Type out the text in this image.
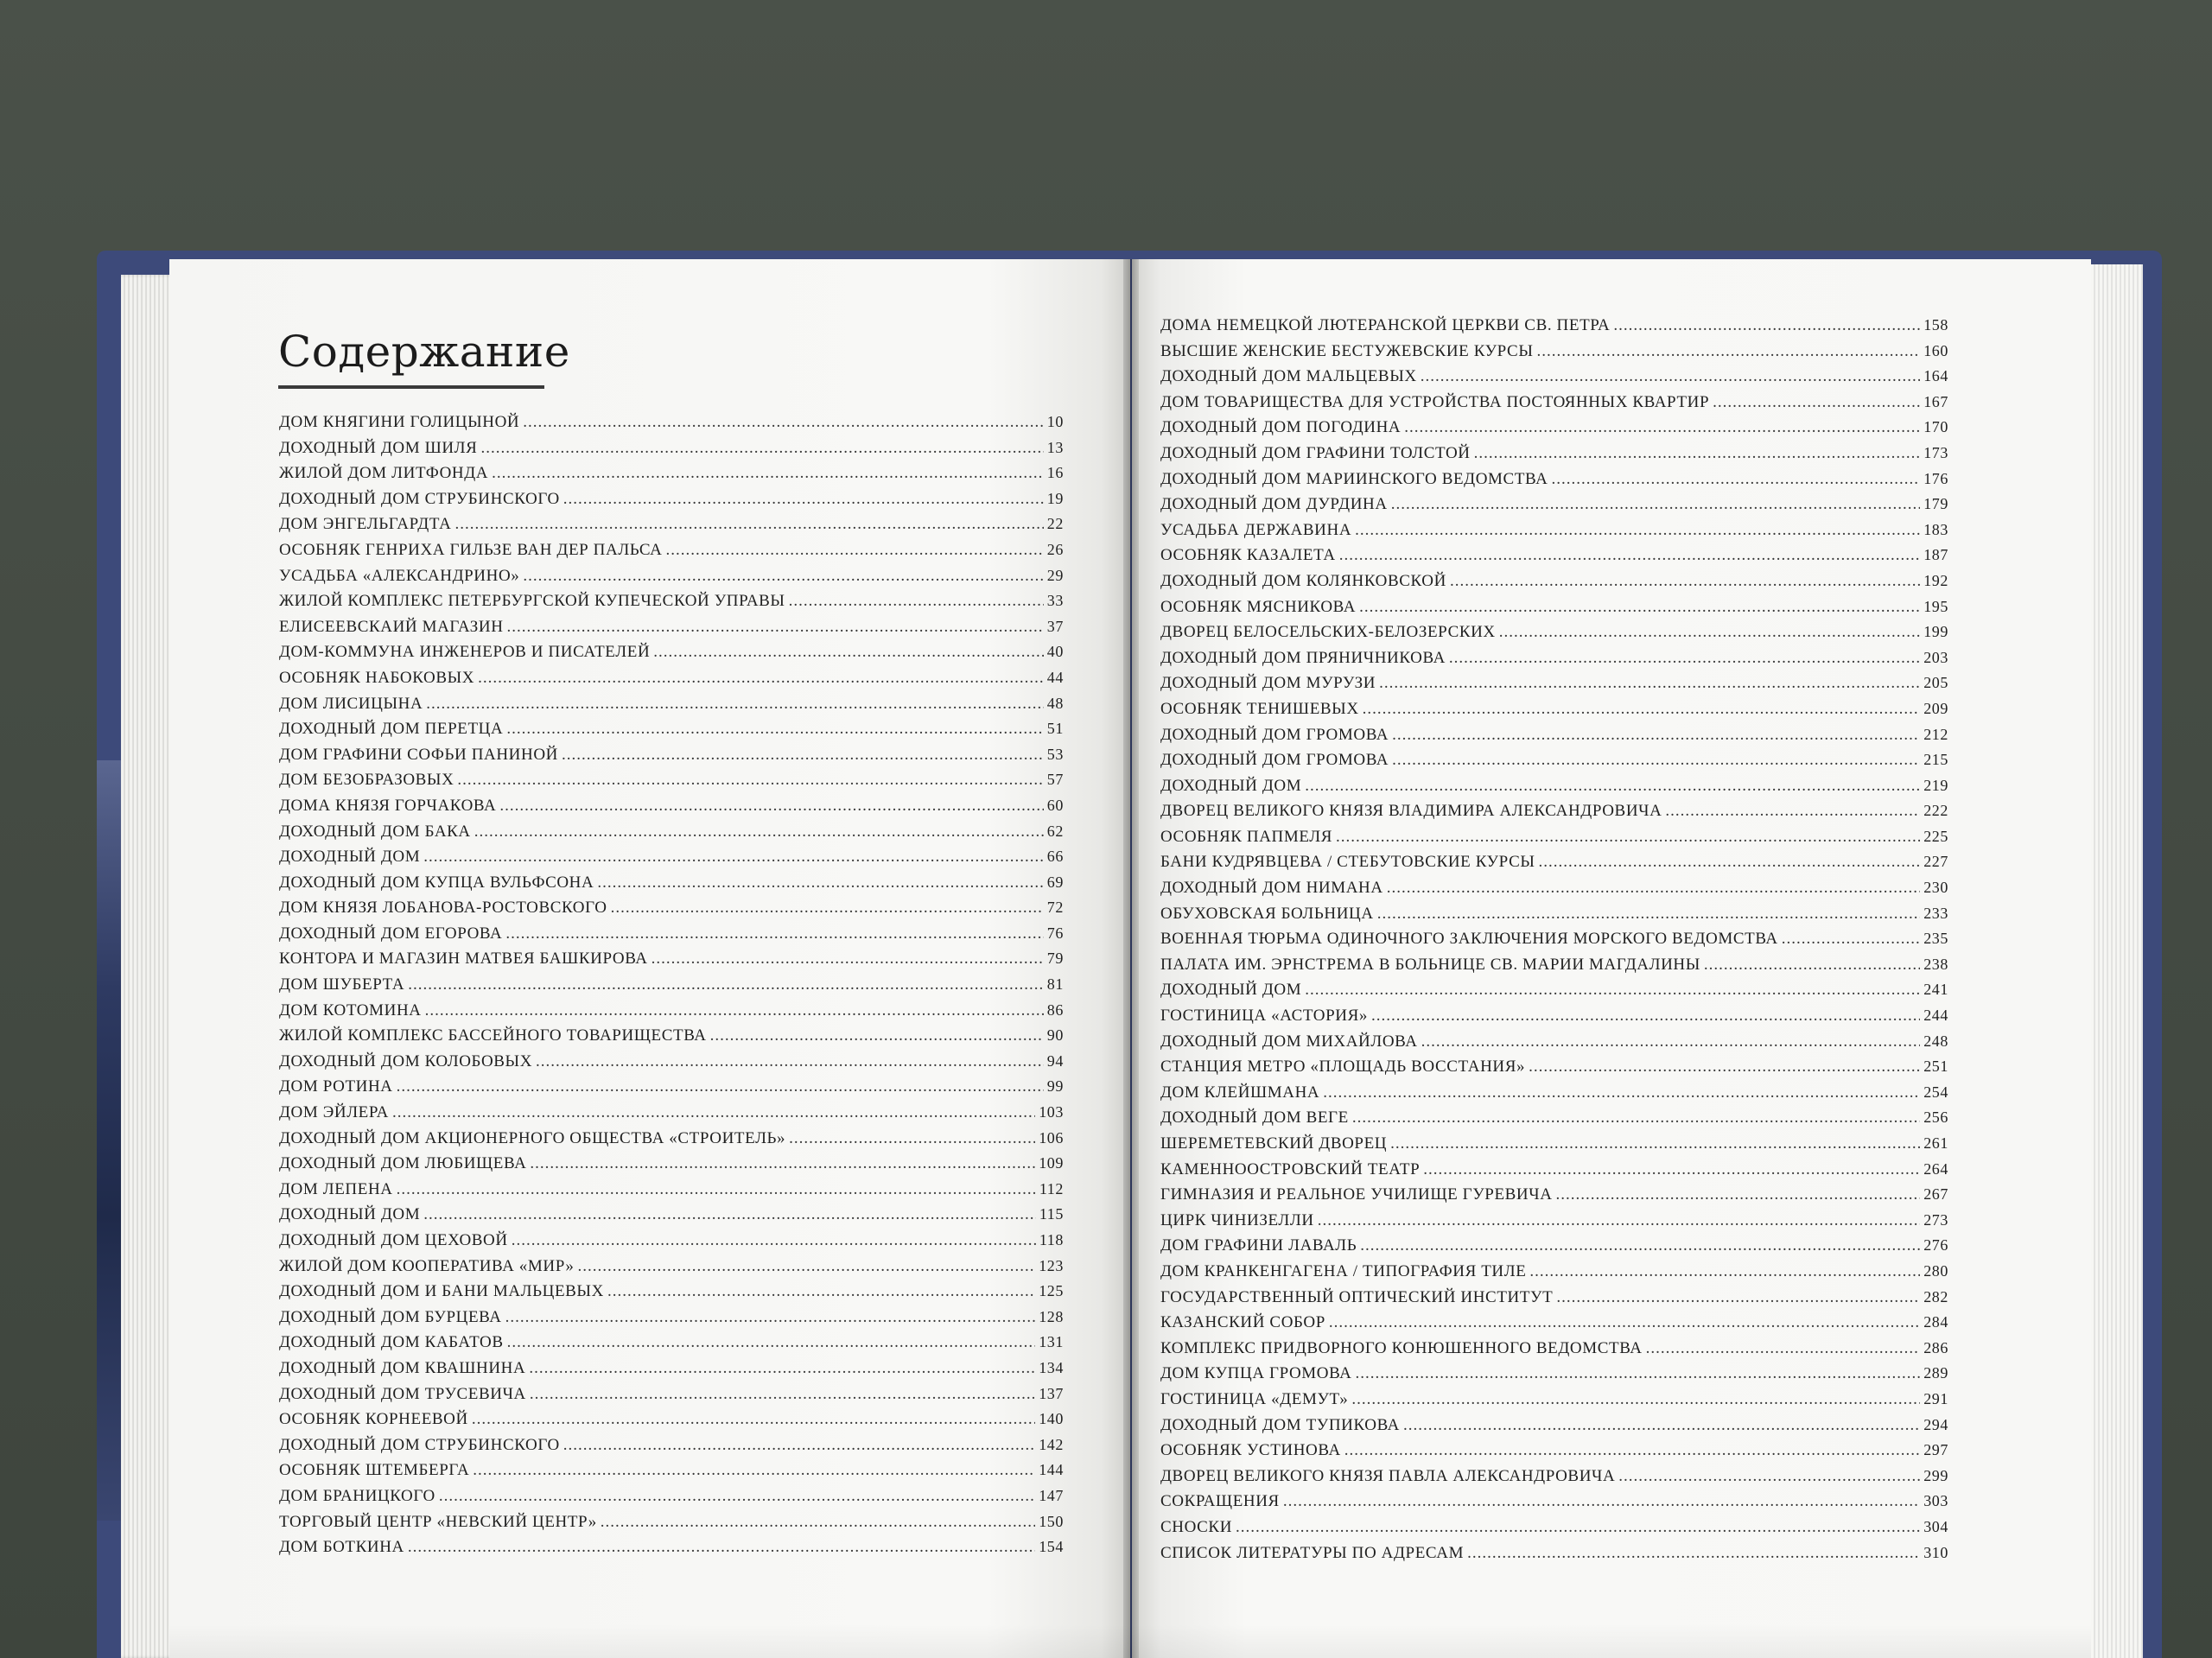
Содержание
ДОМ КНЯГИНИ ГОЛИЦЫНОЙ .....	10
ДОХОДНЫЙ ДОМ ШИЛЯ .....	13
ЖИЛОЙ ДОМ ЛИТФОНДА .....	16
ДОХОДНЫЙ ДОМ СТРУБИНСКОГО .....	19
ДОМ ЭНГЕЛЬГАРДТА .....	22
ОСОБНЯК ГЕНРИХА ГИЛЬЗЕ ВАН ДЕР ПАЛЬСА .....	26
УСАДЬБА «АЛЕКСАНДРИНО» .....	29
ЖИЛОЙ КОМПЛЕКС ПЕТЕРБУРГСКОЙ КУПЕЧЕСКОЙ УПРАВЫ .....	33
ЕЛИСЕЕВСКАИЙ МАГАЗИН .....	37
ДОМ-КОММУНА ИНЖЕНЕРОВ И ПИСАТЕЛЕЙ .....	40
ОСОБНЯК НАБОКОВЫХ .....	44
ДОМ ЛИСИЦЫНА .....	48
ДОХОДНЫЙ ДОМ ПЕРЕТЦА .....	51
ДОМ ГРАФИНИ СОФЬИ ПАНИНОЙ .....	53
ДОМ БЕЗОБРАЗОВЫХ .....	57
ДОМА КНЯЗЯ ГОРЧАКОВА .....	60
ДОХОДНЫЙ ДОМ БАКА .....	62
ДОХОДНЫЙ ДОМ .....	66
ДОХОДНЫЙ ДОМ КУПЦА ВУЛЬФСОНА .....	69
ДОМ КНЯЗЯ ЛОБАНОВА-РОСТОВСКОГО .....	72
ДОХОДНЫЙ ДОМ ЕГОРОВА .....	76
КОНТОРА И МАГАЗИН МАТВЕЯ БАШКИРОВА .....	79
ДОМ ШУБЕРТА .....	81
ДОМ КОТОМИНА .....	86
ЖИЛОЙ КОМПЛЕКС БАССЕЙНОГО ТОВАРИЩЕСТВА .....	90
ДОХОДНЫЙ ДОМ КОЛОБОВЫХ .....	94
ДОМ РОТИНА .....	99
ДОМ ЭЙЛЕРА .....	103
ДОХОДНЫЙ ДОМ АКЦИОНЕРНОГО ОБЩЕСТВА «СТРОИТЕЛЬ» .....	106
ДОХОДНЫЙ ДОМ ЛЮБИЩЕВА .....	109
ДОМ ЛЕПЕНА .....	112
ДОХОДНЫЙ ДОМ .....	115
ДОХОДНЫЙ ДОМ ЦЕХОВОЙ .....	118
ЖИЛОЙ ДОМ КООПЕРАТИВА «МИР» .....	123
ДОХОДНЫЙ ДОМ И БАНИ МАЛЬЦЕВЫХ .....	125
ДОХОДНЫЙ ДОМ БУРЦЕВА .....	128
ДОХОДНЫЙ ДОМ КАБАТОВ .....	131
ДОХОДНЫЙ ДОМ КВАШНИНА .....	134
ДОХОДНЫЙ ДОМ ТРУСЕВИЧА .....	137
ОСОБНЯК КОРНЕЕВОЙ .....	140
ДОХОДНЫЙ ДОМ СТРУБИНСКОГО .....	142
ОСОБНЯК ШТЕМБЕРГА .....	144
ДОМ БРАНИЦКОГО .....	147
ТОРГОВЫЙ ЦЕНТР «НЕВСКИЙ ЦЕНТР» .....	150
ДОМ БОТКИНА .....	154
ДОМА НЕМЕЦКОЙ ЛЮТЕРАНСКОЙ ЦЕРКВИ СВ. ПЕТРА .....	158
ВЫСШИЕ ЖЕНСКИЕ БЕСТУЖЕВСКИЕ КУРСЫ .....	160
ДОХОДНЫЙ ДОМ МАЛЬЦЕВЫХ .....	164
ДОМ ТОВАРИЩЕСТВА ДЛЯ УСТРОЙСТВА ПОСТОЯННЫХ КВАРТИР .....	167
ДОХОДНЫЙ ДОМ ПОГОДИНА .....	170
ДОХОДНЫЙ ДОМ ГРАФИНИ ТОЛСТОЙ .....	173
ДОХОДНЫЙ ДОМ МАРИИНСКОГО ВЕДОМСТВА .....	176
ДОХОДНЫЙ ДОМ ДУРДИНА .....	179
УСАДЬБА ДЕРЖАВИНА .....	183
ОСОБНЯК КАЗАЛЕТА .....	187
ДОХОДНЫЙ ДОМ КОЛЯНКОВСКОЙ .....	192
ОСОБНЯК МЯСНИКОВА .....	195
ДВОРЕЦ БЕЛОСЕЛЬСКИХ-БЕЛОЗЕРСКИХ .....	199
ДОХОДНЫЙ ДОМ ПРЯНИЧНИКОВА .....	203
ДОХОДНЫЙ ДОМ МУРУЗИ .....	205
ОСОБНЯК ТЕНИШЕВЫХ .....	209
ДОХОДНЫЙ ДОМ ГРОМОВА .....	212
ДОХОДНЫЙ ДОМ ГРОМОВА .....	215
ДОХОДНЫЙ ДОМ .....	219
ДВОРЕЦ ВЕЛИКОГО КНЯЗЯ ВЛАДИМИРА АЛЕКСАНДРОВИЧА .....	222
ОСОБНЯК ПАПМЕЛЯ .....	225
БАНИ КУДРЯВЦЕВА / СТЕБУТОВСКИЕ КУРСЫ .....	227
ДОХОДНЫЙ ДОМ НИМАНА .....	230
ОБУХОВСКАЯ БОЛЬНИЦА .....	233
ВОЕННАЯ ТЮРЬМА ОДИНОЧНОГО ЗАКЛЮЧЕНИЯ МОРСКОГО ВЕДОМСТВА .....	235
ПАЛАТА ИМ. ЭРНСТРЕМА В БОЛЬНИЦЕ СВ. МАРИИ МАГДАЛИНЫ .....	238
ДОХОДНЫЙ ДОМ .....	241
ГОСТИНИЦА «АСТОРИЯ» .....	244
ДОХОДНЫЙ ДОМ МИХАЙЛОВА .....	248
СТАНЦИЯ МЕТРО «ПЛОЩАДЬ ВОССТАНИЯ» .....	251
ДОМ КЛЕЙШМАНА .....	254
ДОХОДНЫЙ ДОМ ВЕГЕ .....	256
ШЕРЕМЕТЕВСКИЙ ДВОРЕЦ .....	261
КАМЕННООСТРОВСКИЙ ТЕАТР .....	264
ГИМНАЗИЯ И РЕАЛЬНОЕ УЧИЛИЩЕ ГУРЕВИЧА .....	267
ЦИРК ЧИНИЗЕЛЛИ .....	273
ДОМ ГРАФИНИ ЛАВАЛЬ .....	276
ДОМ КРАНКЕНГАГЕНА / ТИПОГРАФИЯ ТИЛЕ .....	280
ГОСУДАРСТВЕННЫЙ ОПТИЧЕСКИЙ ИНСТИТУТ .....	282
КАЗАНСКИЙ СОБОР .....	284
КОМПЛЕКС ПРИДВОРНОГО КОНЮШЕННОГО ВЕДОМСТВА .....	286
ДОМ КУПЦА ГРОМОВА .....	289
ГОСТИНИЦА «ДЕМУТ» .....	291
ДОХОДНЫЙ ДОМ ТУПИКОВА .....	294
ОСОБНЯК УСТИНОВА .....	297
ДВОРЕЦ ВЕЛИКОГО КНЯЗЯ ПАВЛА АЛЕКСАНДРОВИЧА .....	299
СОКРАЩЕНИЯ .....	303
СНОСКИ .....	304
СПИСОК ЛИТЕРАТУРЫ ПО АДРЕСАМ .....	310
